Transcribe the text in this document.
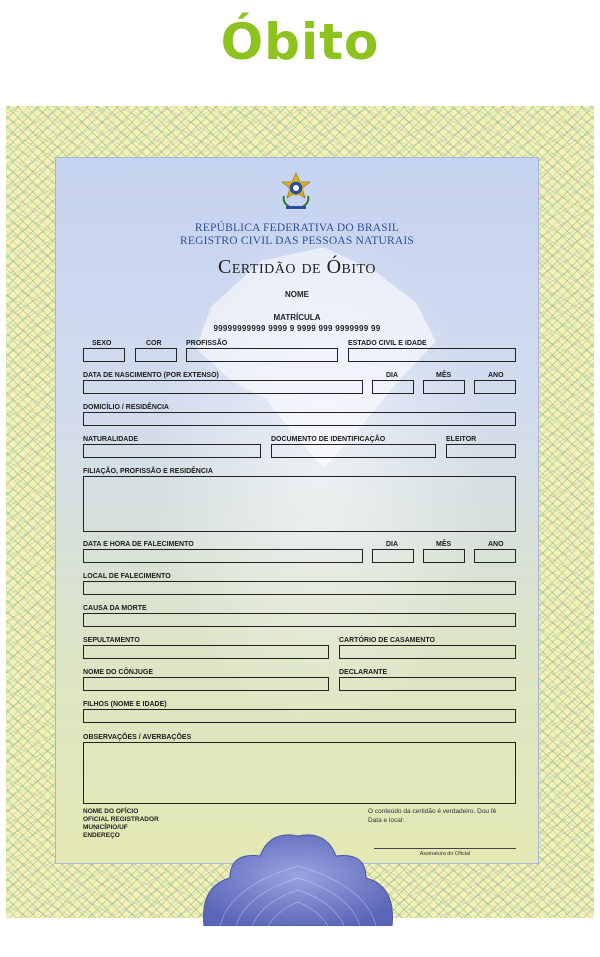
Óbito
REPÚBLICA FEDERATIVA DO BRASIL
REGISTRO CIVIL DAS PESSOAS NATURAIS
Certidão de Óbito
NOME
MATRÍCULA
99999999999 9999 9 9999 999 9999999 99
SEXO	COR	PROFISSÃO	ESTADO CIVIL E IDADE
DATA DE NASCIMENTO (POR EXTENSO)	DIA	MÊS	ANO
DOMICÍLIO / RESIDÊNCIA
NATURALIDADE	DOCUMENTO DE IDENTIFICAÇÃO	ELEITOR
FILIAÇÃO, PROFISSÃO E RESIDÊNCIA
DATA E HORA DE FALECIMENTO	DIA	MÊS	ANO
LOCAL DE FALECIMENTO
CAUSA DA MORTE
SEPULTAMENTO	CARTÓRIO DE CASAMENTO
NOME DO CÔNJUGE	DECLARANTE
FILHOS (NOME E IDADE)
OBSERVAÇÕES / AVERBAÇÕES
NOME DO OFÍCIO
OFICIAL REGISTRADOR
MUNICÍPIO/UF
ENDEREÇO
O conteúdo da certidão é verdadeiro. Dou fé
Data e local:
Assinatura do Oficial
